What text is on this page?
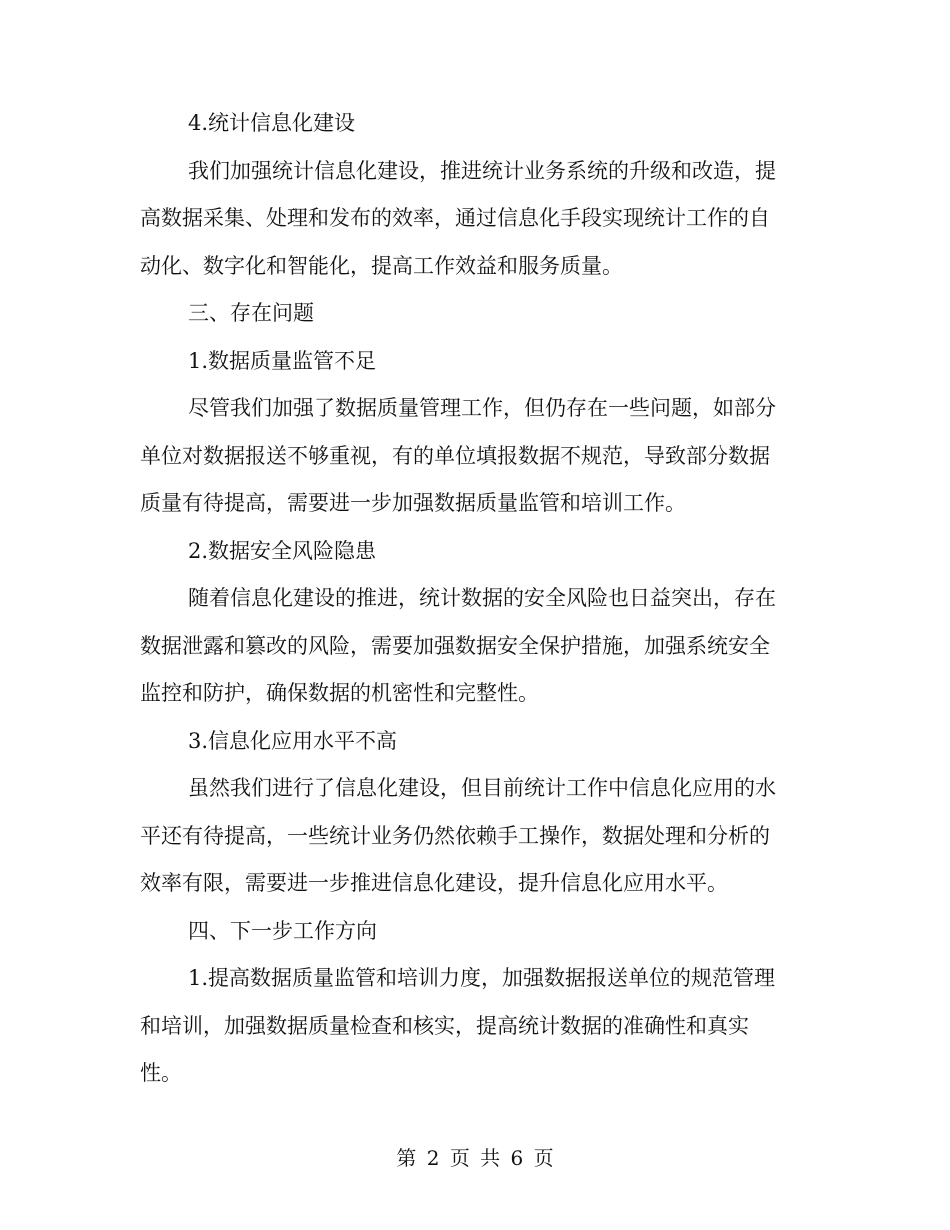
4.统计信息化建设

我们加强统计信息化建设，推进统计业务系统的升级和改造，提

高数据采集、处理和发布的效率，通过信息化手段实现统计工作的自

动化、数字化和智能化，提高工作效益和服务质量。

三、存在问题

1.数据质量监管不足

尽管我们加强了数据质量管理工作，但仍存在一些问题，如部分

单位对数据报送不够重视，有的单位填报数据不规范，导致部分数据

质量有待提高，需要进一步加强数据质量监管和培训工作。

2.数据安全风险隐患

随着信息化建设的推进，统计数据的安全风险也日益突出，存在

数据泄露和篡改的风险，需要加强数据安全保护措施，加强系统安全

监控和防护，确保数据的机密性和完整性。

3.信息化应用水平不高

虽然我们进行了信息化建设，但目前统计工作中信息化应用的水

平还有待提高，一些统计业务仍然依赖手工操作，数据处理和分析的

效率有限，需要进一步推进信息化建设，提升信息化应用水平。

四、下一步工作方向

1.提高数据质量监管和培训力度，加强数据报送单位的规范管理

和培训，加强数据质量检查和核实，提高统计数据的准确性和真实

性。

第 2 页 共 6 页
